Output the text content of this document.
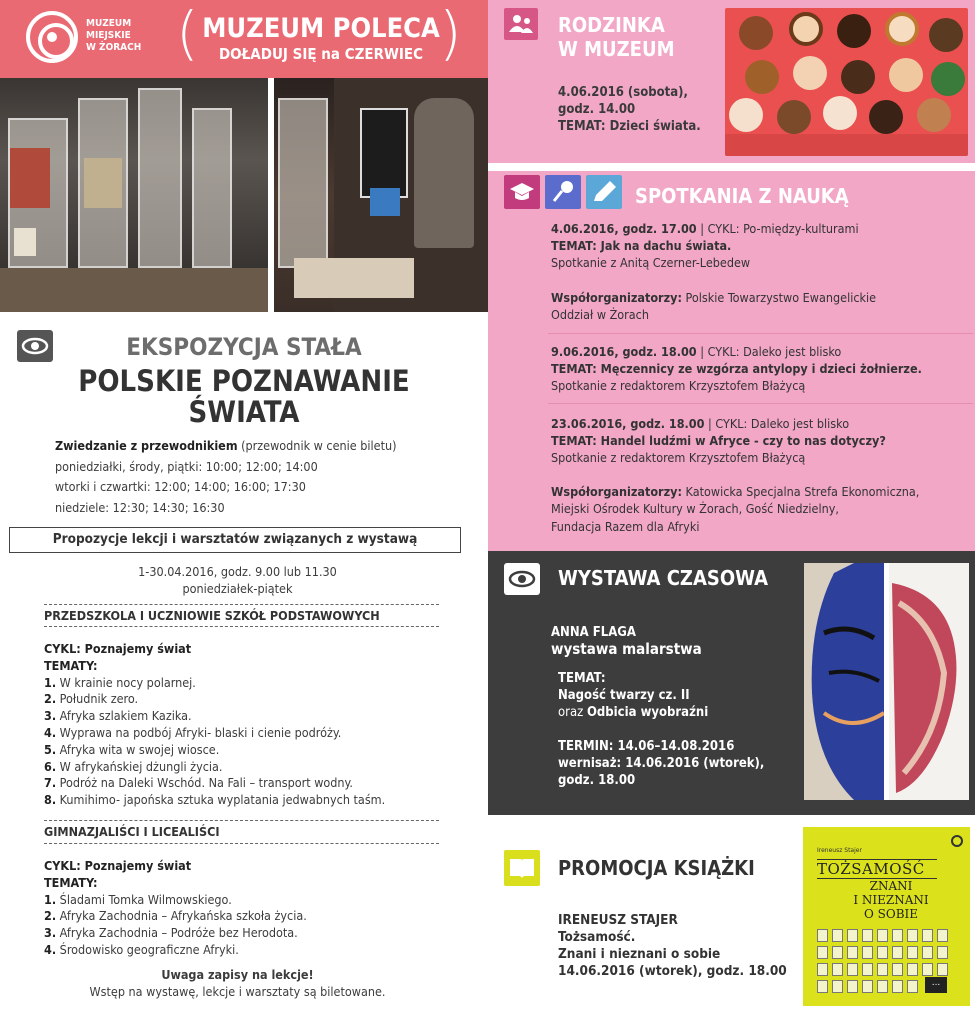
MUZEUM
MIEJSKIE
W ŻORACH (	)
MUZEUM POLECA
DOŁADUJ SIĘ na CZERWIEC
EKSPOZYCJA STAŁA
POLSKIE POZNAWANIE
ŚWIATA
Zwiedzanie z przewodnikiem (przewodnik w cenie biletu)
poniedziałki, środy, piątki: 10:00; 12:00; 14:00
wtorki i czwartki: 12:00; 14:00; 16:00; 17:30
niedziele: 12:30; 14:30; 16:30
Propozycje lekcji i warsztatów związanych z wystawą
1-30.04.2016, godz. 9.00 lub 11.30
poniedziałek-piątek
PRZEDSZKOLA I UCZNIOWIE SZKÓŁ PODSTAWOWYCH
CYKL: Poznajemy świat
TEMATY:
1. W krainie nocy polarnej.
2. Południk zero.
3. Afryka szlakiem Kazika.
4. Wyprawa na podbój Afryki- blaski i cienie podróży.
5. Afryka wita w swojej wiosce.
6. W afrykańskiej dżungli życia.
7. Podróż na Daleki Wschód. Na Fali – transport wodny.
8. Kumihimo- japońska sztuka wyplatania jedwabnych taśm.
GIMNAZJALIŚCI I LICEALIŚCI
CYKL: Poznajemy świat
TEMATY:
1. Śladami Tomka Wilmowskiego.
2. Afryka Zachodnia – Afrykańska szkoła życia.
3. Afryka Zachodnia – Podróże bez Herodota.
4. Środowisko geograficzne Afryki.
Uwaga zapisy na lekcje!
Wstęp na wystawę, lekcje i warsztaty są biletowane.
RODZINKA
W MUZEUM
4.06.2016 (sobota),
godz. 14.00
TEMAT: Dzieci świata.
SPOTKANIA Z NAUKĄ
4.06.2016, godz. 17.00 | CYKL: Po-między-kulturami
TEMAT: Jak na dachu świata.
Spotkanie z Anitą Czerner-Lebedew
Współorganizatorzy: Polskie Towarzystwo Ewangelickie
Oddział w Żorach
9.06.2016, godz. 18.00 | CYKL: Daleko jest blisko
TEMAT: Męczennicy ze wzgórza antylopy i dzieci żołnierze.
Spotkanie z redaktorem Krzysztofem Błażycą
23.06.2016, godz. 18.00 | CYKL: Daleko jest blisko
TEMAT: Handel ludźmi w Afryce - czy to nas dotyczy?
Spotkanie z redaktorem Krzysztofem Błażycą
Współorganizatorzy: Katowicka Specjalna Strefa Ekonomiczna,
Miejski Ośrodek Kultury w Żorach, Gość Niedzielny,
Fundacja Razem dla Afryki
WYSTAWA CZASOWA
ANNA FLAGA
wystawa malarstwa
TEMAT:
Nagość twarzy cz. II
oraz Odbicia wyobraźni
TERMIN: 14.06–14.08.2016
wernisaż: 14.06.2016 (wtorek),
godz. 18.00
PROMOCJA KSIĄŻKI
IRENEUSZ STAJER
Tożsamość.
Znani i nieznani o sobie
14.06.2016 (wtorek), godz. 18.00
Ireneusz Stajer
TOŻSAMOŚĆ
ZNANI
I NIEZNANI
O SOBIE
...
